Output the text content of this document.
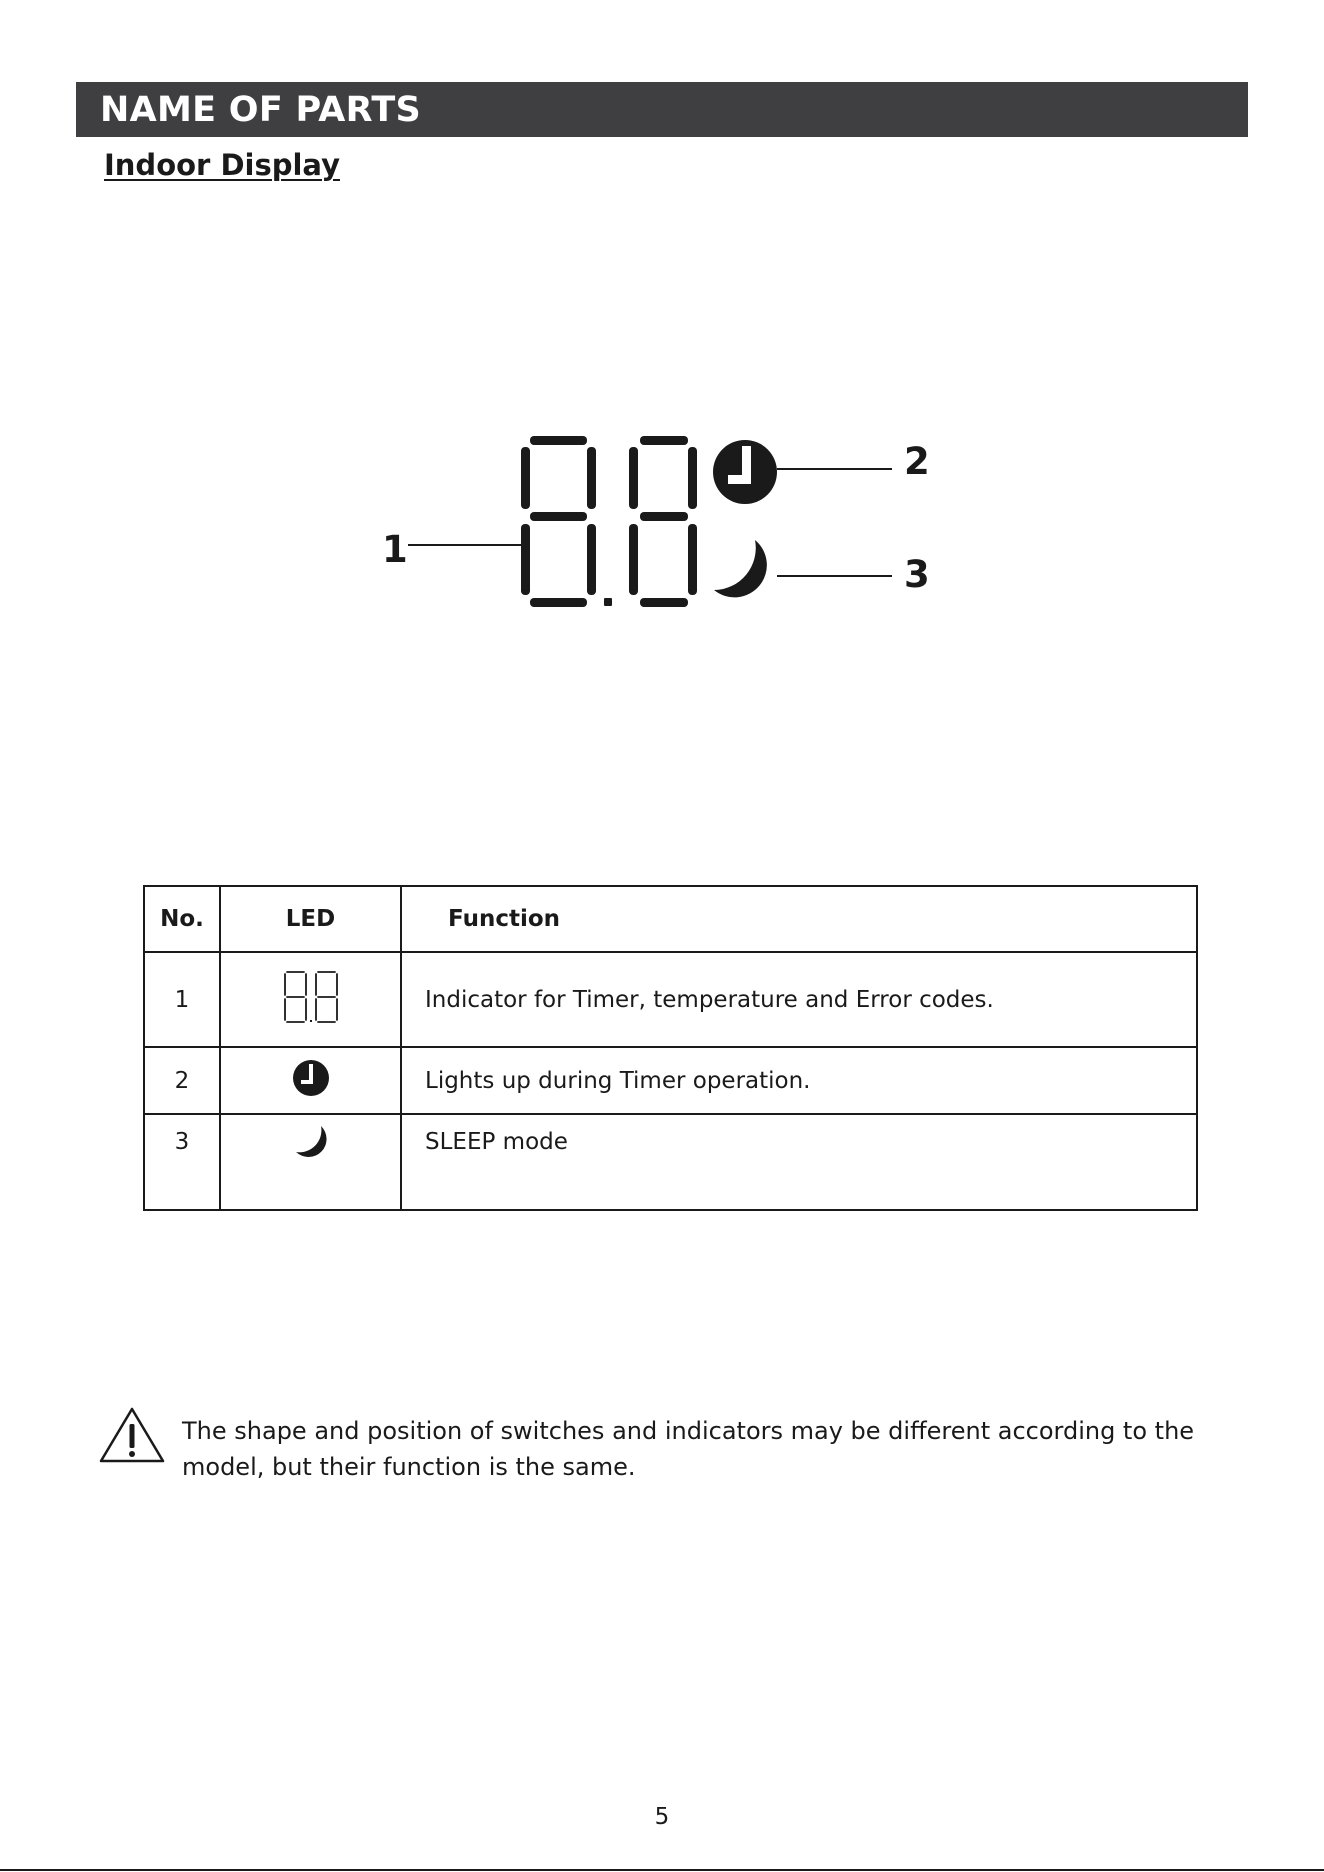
NAME OF PARTS
Indoor Display
1
2
3
No.	LED	Function
1		Indicator for Timer, temperature and Error codes.
2		Lights up during Timer operation.
3		SLEEP mode
The shape and position of switches and indicators may be different according to the model, but their function is the same.
5
